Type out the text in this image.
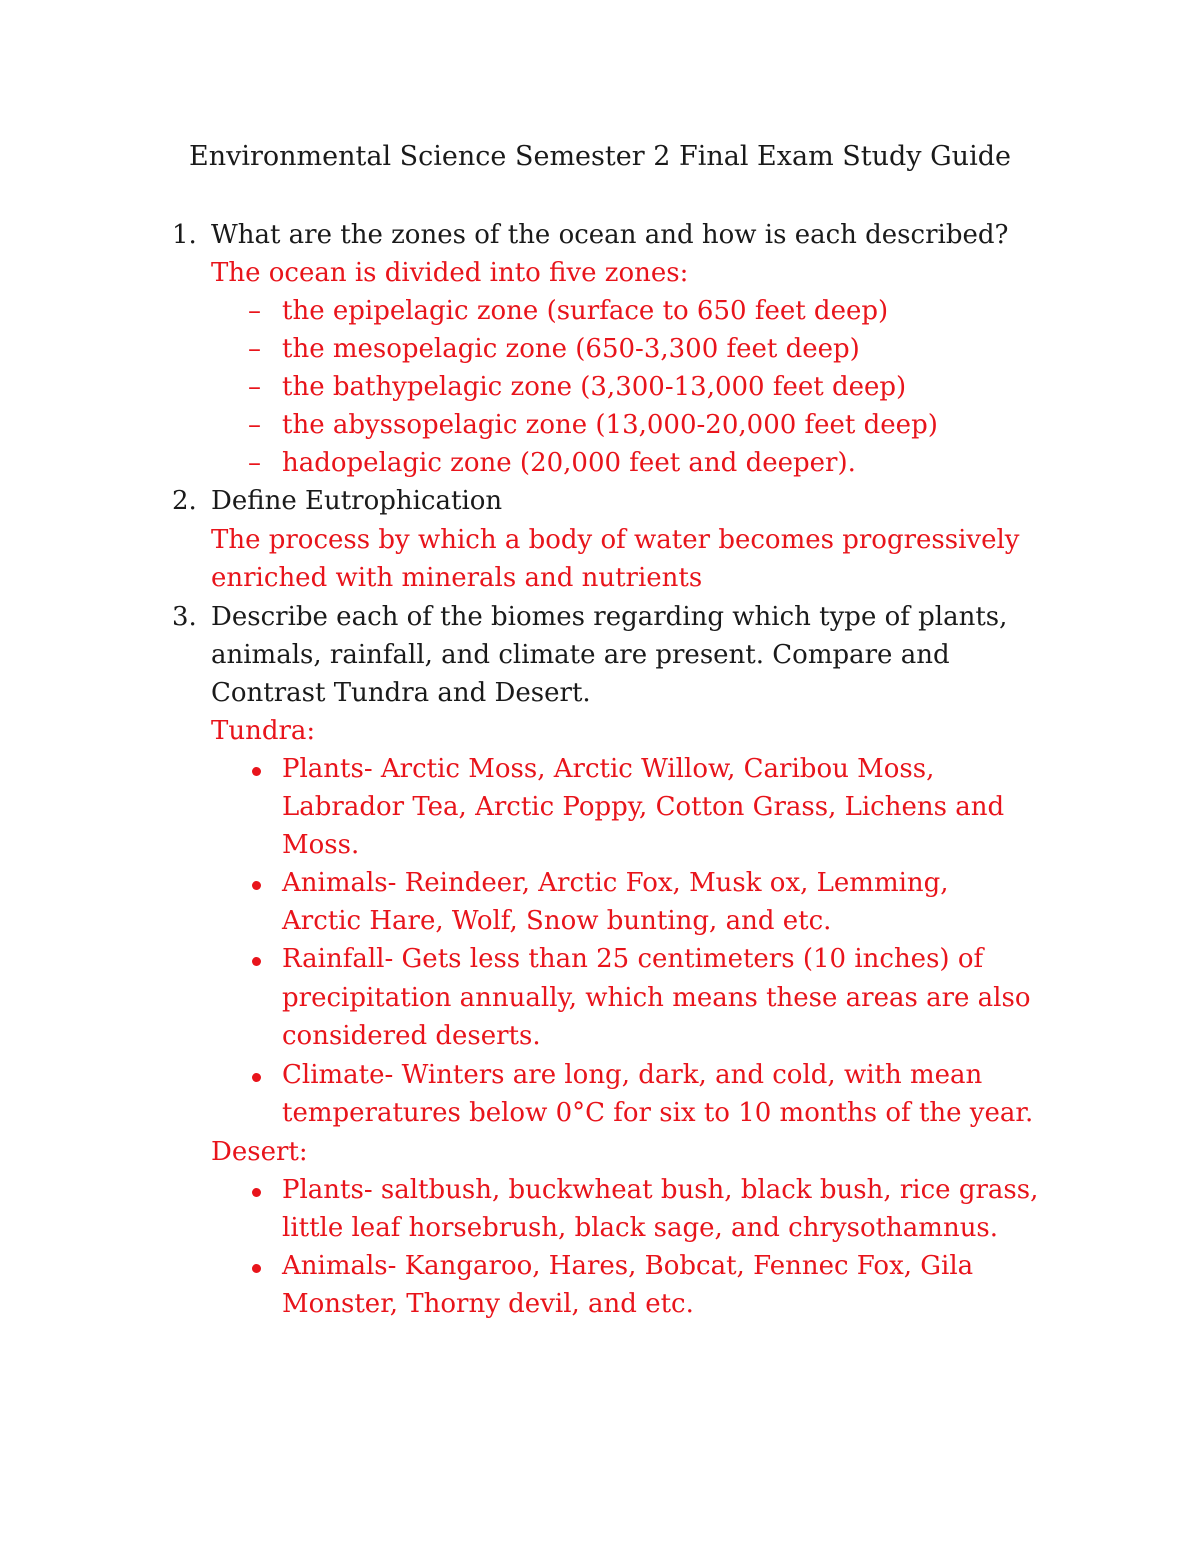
Environmental Science Semester 2 Final Exam Study Guide
1. What are the zones of the ocean and how is each described?

The ocean is divided into five zones:

– the epipelagic zone (surface to 650 feet deep)

– the mesopelagic zone (650-3,300 feet deep)

– the bathypelagic zone (3,300-13,000 feet deep)

– the abyssopelagic zone (13,000-20,000 feet deep)

– hadopelagic zone (20,000 feet and deeper).

2. Define Eutrophication

The process by which a body of water becomes progressively

enriched with minerals and nutrients

3. Describe each of the biomes regarding which type of plants,

animals, rainfall, and climate are present. Compare and

Contrast Tundra and Desert.

Tundra:

Plants- Arctic Moss, Arctic Willow, Caribou Moss,

Labrador Tea, Arctic Poppy, Cotton Grass, Lichens and

Moss.

Animals- Reindeer, Arctic Fox, Musk ox, Lemming,

Arctic Hare, Wolf, Snow bunting, and etc.

Rainfall- Gets less than 25 centimeters (10 inches) of

precipitation annually, which means these areas are also

considered deserts.

Climate- Winters are long, dark, and cold, with mean

temperatures below 0°C for six to 10 months of the year.

Desert:

Plants- saltbush, buckwheat bush, black bush, rice grass,

little leaf horsebrush, black sage, and chrysothamnus.

Animals- Kangaroo, Hares, Bobcat, Fennec Fox, Gila

Monster, Thorny devil, and etc.
